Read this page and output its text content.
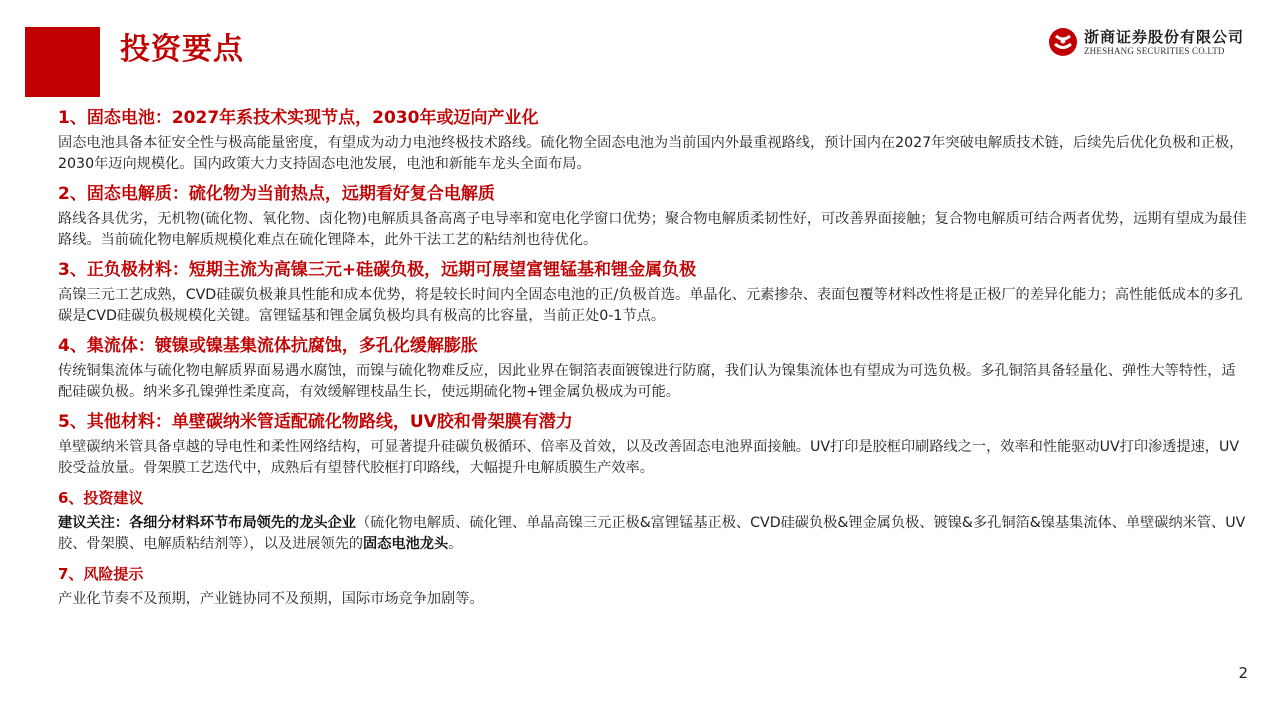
投资要点	浙商证券股份有限公司
ZHESHANG SECURITIES CO.LTD
1、固态电池：2027年系技术实现节点，2030年或迈向产业化
固态电池具备本征安全性与极高能量密度，有望成为动力电池终极技术路线。硫化物全固态电池为当前国内外最重视路线，预计国内在2027年突破电解质技术链，后续先后优化负极和正极，2030年迈向规模化。国内政策大力支持固态电池发展，电池和新能车龙头全面布局。
2、固态电解质：硫化物为当前热点，远期看好复合电解质
路线各具优劣，无机物(硫化物、氧化物、卤化物)电解质具备高离子电导率和宽电化学窗口优势；聚合物电解质柔韧性好，可改善界面接触；复合物电解质可结合两者优势，远期有望成为最佳路线。当前硫化物电解质规模化难点在硫化锂降本，此外干法工艺的粘结剂也待优化。
3、正负极材料：短期主流为高镍三元+硅碳负极，远期可展望富锂锰基和锂金属负极
高镍三元工艺成熟，CVD硅碳负极兼具性能和成本优势，将是较长时间内全固态电池的正/负极首选。单晶化、元素掺杂、表面包覆等材料改性将是正极厂的差异化能力；高性能低成本的多孔碳是CVD硅碳负极规模化关键。富锂锰基和锂金属负极均具有极高的比容量，当前正处0-1节点。
4、集流体：镀镍或镍基集流体抗腐蚀，多孔化缓解膨胀
传统铜集流体与硫化物电解质界面易遇水腐蚀，而镍与硫化物难反应，因此业界在铜箔表面镀镍进行防腐，我们认为镍集流体也有望成为可选负极。多孔铜箔具备轻量化、弹性大等特性，适配硅碳负极。纳米多孔镍弹性柔度高，有效缓解锂枝晶生长，使远期硫化物+锂金属负极成为可能。
5、其他材料：单壁碳纳米管适配硫化物路线，UV胶和骨架膜有潜力
单壁碳纳米管具备卓越的导电性和柔性网络结构，可显著提升硅碳负极循环、倍率及首效，以及改善固态电池界面接触。UV打印是胶框印刷路线之一，效率和性能驱动UV打印渗透提速，UV胶受益放量。骨架膜工艺迭代中，成熟后有望替代胶框打印路线，大幅提升电解质膜生产效率。
6、投资建议
建议关注：各细分材料环节布局领先的龙头企业（硫化物电解质、硫化锂、单晶高镍三元正极&富锂锰基正极、CVD硅碳负极&锂金属负极、镀镍&多孔铜箔&镍基集流体、单壁碳纳米管、UV胶、骨架膜、电解质粘结剂等），以及进展领先的固态电池龙头。
7、风险提示
产业化节奏不及预期，产业链协同不及预期，国际市场竞争加剧等。
2
